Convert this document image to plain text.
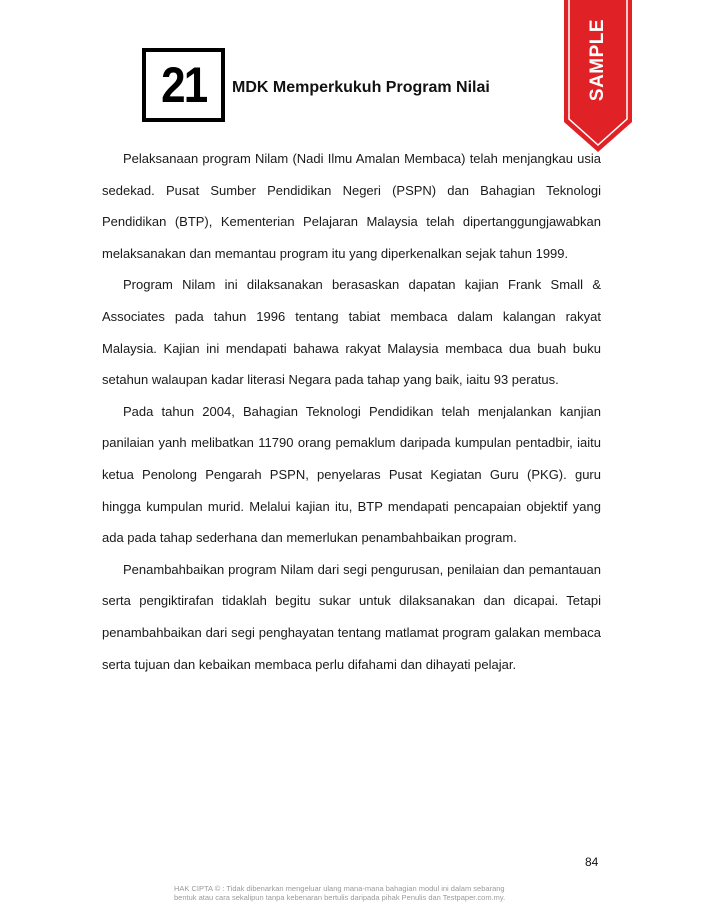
21 MDK Memperkukuh Program Nilai	SAMPLE

Pelaksanaan program Nilam (Nadi Ilmu Amalan Membaca) telah menjangkau usia sedekad. Pusat Sumber Pendidikan Negeri (PSPN) dan Bahagian Teknologi Pendidikan (BTP), Kementerian Pelajaran Malaysia telah dipertanggungjawabkan melaksanakan dan memantau program itu yang diperkenalkan sejak tahun 1999.

Program Nilam ini dilaksanakan berasaskan dapatan kajian Frank Small & Associates pada tahun 1996 tentang tabiat membaca dalam kalangan rakyat Malaysia. Kajian ini mendapati bahawa rakyat Malaysia membaca dua buah buku setahun walaupan kadar literasi Negara pada tahap yang baik, iaitu 93 peratus.

Pada tahun 2004, Bahagian Teknologi Pendidikan telah menjalankan kanjian panilaian yanh melibatkan 11790 orang pemaklum daripada kumpulan pentadbir, iaitu ketua Penolong Pengarah PSPN, penyelaras Pusat Kegiatan Guru (PKG). guru hingga kumpulan murid. Melalui kajian itu, BTP mendapati pencapaian objektif yang ada pada tahap sederhana dan memerlukan penambahbaikan program.

Penambahbaikan program Nilam dari segi pengurusan, penilaian dan pemantauan serta pengiktirafan tidaklah begitu sukar untuk dilaksanakan dan dicapai. Tetapi penambahbaikan dari segi penghayatan tentang matlamat program galakan membaca serta tujuan dan kebaikan membaca perlu difahami dan dihayati pelajar.

84
HAK CIPTA © : Tidak dibenarkan mengeluar ulang mana-mana bahagian modul ini dalam sebarang
bentuk atau cara sekalipun tanpa kebenaran bertulis daripada pihak Penulis dan Testpaper.com.my.
